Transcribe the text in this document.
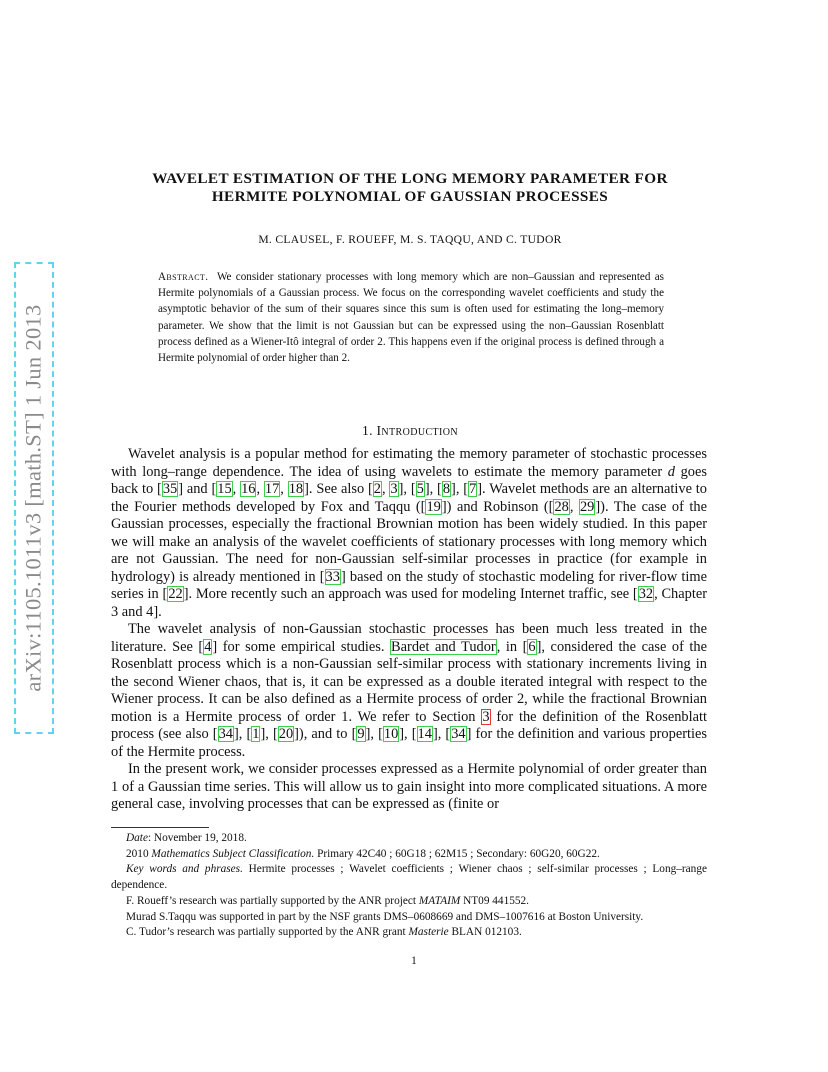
arXiv:1105.1011v3 [math.ST] 1 Jun 2013
WAVELET ESTIMATION OF THE LONG MEMORY PARAMETER FOR
HERMITE POLYNOMIAL OF GAUSSIAN PROCESSES
M. CLAUSEL, F. ROUEFF, M. S. TAQQU, AND C. TUDOR

Abstract. We consider stationary processes with long memory which are non–Gaussian and represented as Hermite polynomials of a Gaussian process. We focus on the corresponding wavelet coefficients and study the asymptotic behavior of the sum of their squares since this sum is often used for estimating the long–memory parameter. We show that the limit is not Gaussian but can be expressed using the non–Gaussian Rosenblatt process defined as a Wiener-Itô integral of order 2. This happens even if the original process is defined through a Hermite polynomial of order higher than 2.

1. Introduction

Wavelet analysis is a popular method for estimating the memory parameter of stochastic processes with long–range dependence. The idea of using wavelets to estimate the memory parameter d goes back to [35] and [15, 16, 17, 18]. See also [2, 3], [5], [8], [7]. Wavelet methods are an alternative to the Fourier methods developed by Fox and Taqqu ([19]) and Robinson ([28, 29]). The case of the Gaussian processes, especially the fractional Brownian motion has been widely studied. In this paper we will make an analysis of the wavelet coefficients of stationary processes with long memory which are not Gaussian. The need for non-Gaussian self-similar processes in practice (for example in hydrology) is already mentioned in [33] based on the study of stochastic modeling for river-flow time series in [22]. More recently such an approach was used for modeling Internet traffic, see [32, Chapter 3 and 4].

The wavelet analysis of non-Gaussian stochastic processes has been much less treated in the literature. See [4] for some empirical studies. Bardet and Tudor, in [6], considered the case of the Rosenblatt process which is a non-Gaussian self-similar process with stationary increments living in the second Wiener chaos, that is, it can be expressed as a double iterated integral with respect to the Wiener process. It can be also defined as a Hermite process of order 2, while the fractional Brownian motion is a Hermite process of order 1. We refer to Section 3 for the definition of the Rosenblatt process (see also [34], [1], [20]), and to [9], [10], [14], [34] for the definition and various properties of the Hermite process.

In the present work, we consider processes expressed as a Hermite polynomial of order greater than 1 of a Gaussian time series. This will allow us to gain insight into more complicated situations. A more general case, involving processes that can be expressed as (finite or

Date: November 19, 2018.

2010 Mathematics Subject Classification. Primary 42C40 ; 60G18 ; 62M15 ; Secondary: 60G20, 60G22.

Key words and phrases. Hermite processes ; Wavelet coefficients ; Wiener chaos ; self-similar processes ; Long–range dependence.

F. Roueff’s research was partially supported by the ANR project MATAIM NT09 441552.

Murad S.Taqqu was supported in part by the NSF grants DMS–0608669 and DMS–1007616 at Boston University.

C. Tudor’s research was partially supported by the ANR grant Masterie BLAN 012103.

1
